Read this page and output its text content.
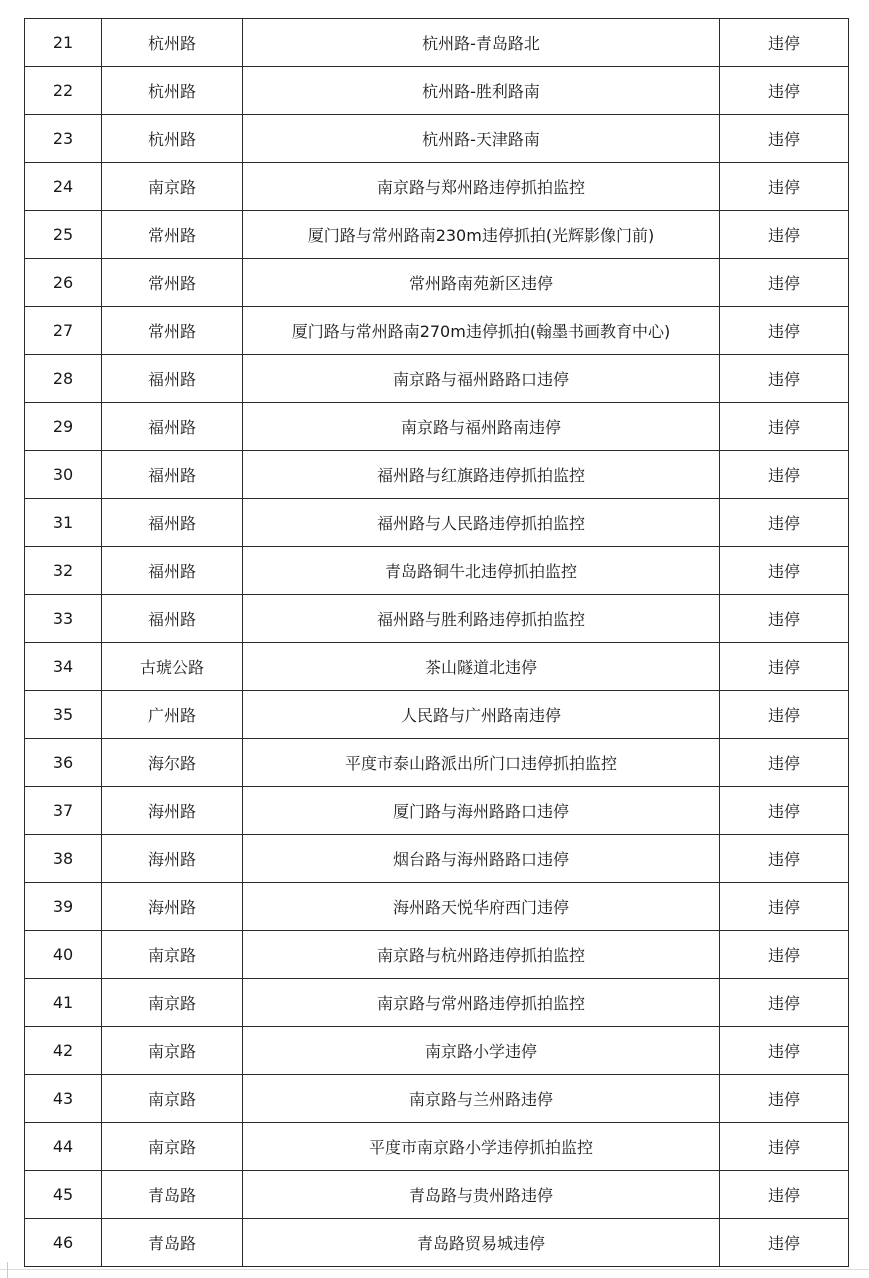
21	杭州路	杭州路-青岛路北	违停
22	杭州路	杭州路-胜利路南	违停
23	杭州路	杭州路-天津路南	违停
24	南京路	南京路与郑州路违停抓拍监控	违停
25	常州路	厦门路与常州路南230m违停抓拍(光辉影像门前)	违停
26	常州路	常州路南苑新区违停	违停
27	常州路	厦门路与常州路南270m违停抓拍(翰墨书画教育中心)	违停
28	福州路	南京路与福州路路口违停	违停
29	福州路	南京路与福州路南违停	违停
30	福州路	福州路与红旗路违停抓拍监控	违停
31	福州路	福州路与人民路违停抓拍监控	违停
32	福州路	青岛路铜牛北违停抓拍监控	违停
33	福州路	福州路与胜利路违停抓拍监控	违停
34	古琥公路	茶山隧道北违停	违停
35	广州路	人民路与广州路南违停	违停
36	海尔路	平度市泰山路派出所门口违停抓拍监控	违停
37	海州路	厦门路与海州路路口违停	违停
38	海州路	烟台路与海州路路口违停	违停
39	海州路	海州路天悦华府西门违停	违停
40	南京路	南京路与杭州路违停抓拍监控	违停
41	南京路	南京路与常州路违停抓拍监控	违停
42	南京路	南京路小学违停	违停
43	南京路	南京路与兰州路违停	违停
44	南京路	平度市南京路小学违停抓拍监控	违停
45	青岛路	青岛路与贵州路违停	违停
46	青岛路	青岛路贸易城违停	违停
